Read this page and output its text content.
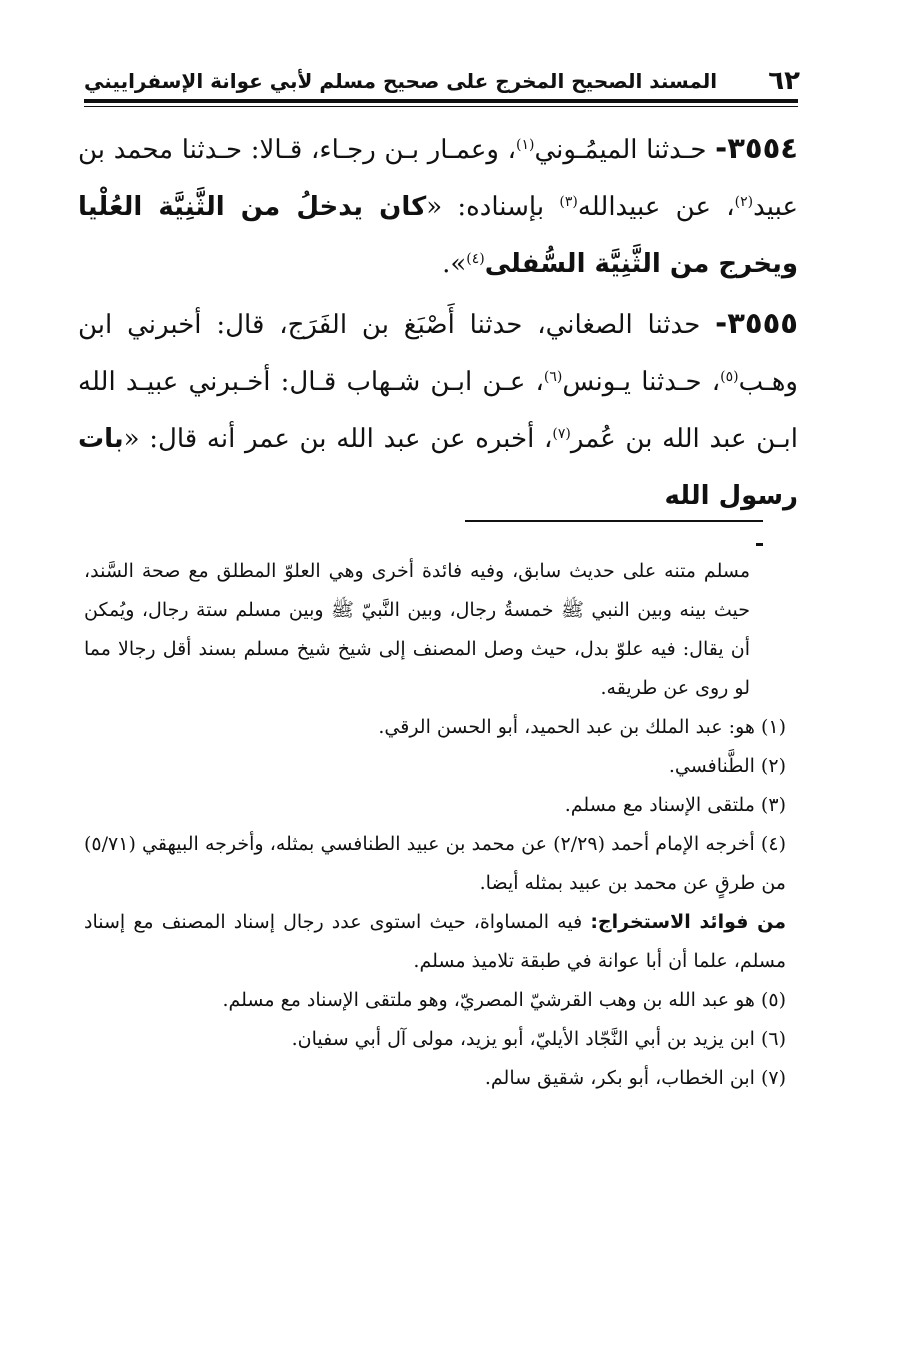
٦٢
المسند الصحيح المخرج على صحيح مسلم لأبي عوانة الإسفراييني

٣٥٥٤- حـدثنا الميمُـوني$^{(١)}$، وعمـار بـن رجـاء، قـالا: حـدثنا محمد بن عبيد$^{(٢)}$، عن عبيدالله$^{(٣)}$ بإسناده: «كان يدخلُ من الثَّنِيَّة العُلْيا ويخرج من الثَّنِيَّة السُّفلى$^{(٤)}$».

٣٥٥٥- حدثنا الصغاني، حدثنا أَصْبَغ بن الفَرَج، قال: أخبرني ابن وهـب$^{(٥)}$، حـدثنا يـونس$^{(٦)}$، عـن ابـن شـهاب قـال: أخـبرني عبيـد الله ابـن عبد الله بن عُمر$^{(٧)}$، أخبره عن عبد الله بن عمر أنه قال: «بات رسول الله

مسلم متنه على حديث سابق، وفيه فائدة أخرى وهي العلوّ المطلق مع صحة السَّند، حيث بينه وبين النبي ﷺ خمسةُ رجال، وبين النَّبيّ ﷺ وبين مسلم ستة رجال، ويُمكن أن يقال: فيه علوّ بدل، حيث وصل المصنف إلى شيخ شيخ مسلم بسند أقل رجالا مما لو روى عن طريقه.

(١) هو: عبد الملك بن عبد الحميد، أبو الحسن الرقي.

(٢) الطَّنافسي.

(٣) ملتقى الإسناد مع مسلم.

(٤) أخرجه الإمام أحمد (٢/٢٩) عن محمد بن عبيد الطنافسي بمثله، وأخرجه البيهقي (٥/٧١) من طرقٍ عن محمد بن عبيد بمثله أيضا.

من فوائد الاستخراج: فيه المساواة، حيث استوى عدد رجال إسناد المصنف مع إسناد مسلم، علما أن أبا عوانة في طبقة تلاميذ مسلم.

(٥) هو عبد الله بن وهب القرشيّ المصريّ، وهو ملتقى الإسناد مع مسلم.

(٦) ابن يزيد بن أبي النَّجّاد الأيليّ، أبو يزيد، مولى آل أبي سفيان.

(٧) ابن الخطاب، أبو بكر، شقيق سالم.
